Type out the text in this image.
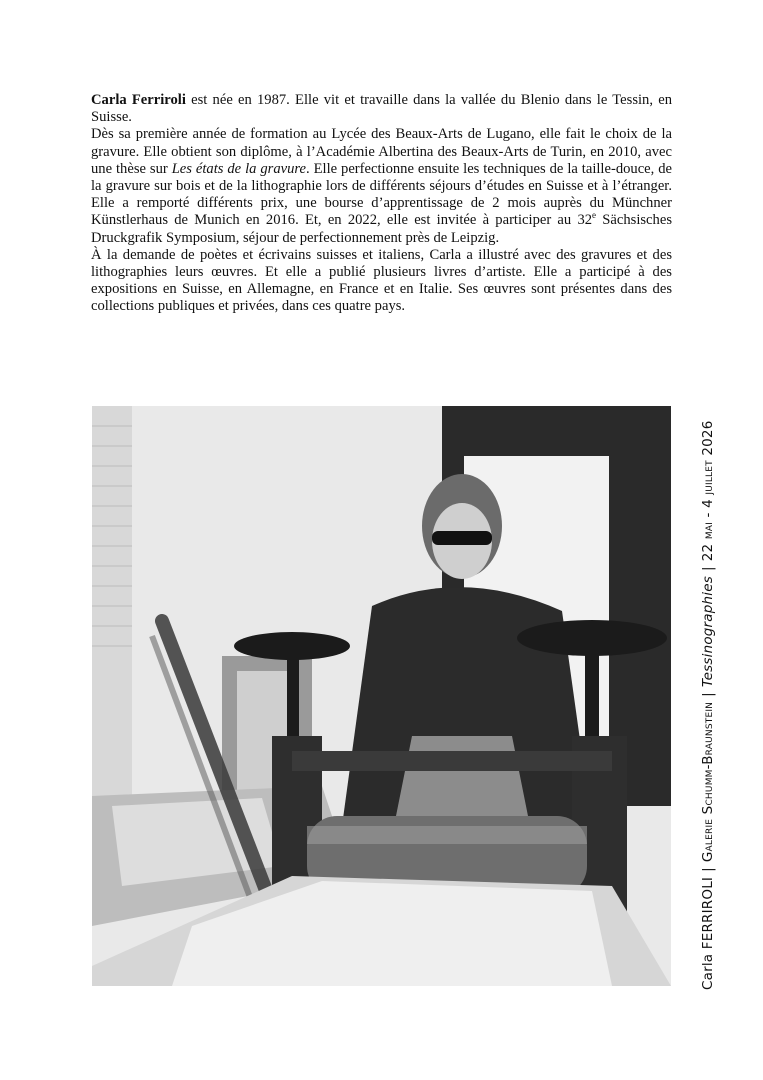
Carla Ferriroli est née en 1987. Elle vit et travaille dans la vallée du Blenio dans le Tessin, en Suisse.

Dès sa première année de formation au Lycée des Beaux-Arts de Lugano, elle fait le choix de la gravure. Elle obtient son diplôme, à l’Académie Albertina des Beaux-Arts de Turin, en 2010, avec une thèse sur Les états de la gravure. Elle perfectionne ensuite les techniques de la taille-douce, de la gravure sur bois et de la lithographie lors de différents séjours d’études en Suisse et à l’étranger. Elle a remporté différents prix, une bourse d’apprentissage de 2 mois auprès du Münchner Künstlerhaus de Munich en 2016. Et, en 2022, elle est invitée à participer au 32e Sächsisches Druckgrafik Symposium, séjour de perfectionnement près de Leipzig.

À la demande de poètes et écrivains suisses et italiens, Carla a illustré avec des gravures et des lithographies leurs œuvres. Et elle a publié plusieurs livres d’artiste. Elle a participé à des expositions en Suisse, en Allemagne, en France et en Italie. Ses œuvres sont présentes dans des collections publiques et privées, dans ces quatre pays.

Carla FERRIROLI|Galerie Schumm-Braunstein|Tessinographies|22 mai - 4 juillet 2026
